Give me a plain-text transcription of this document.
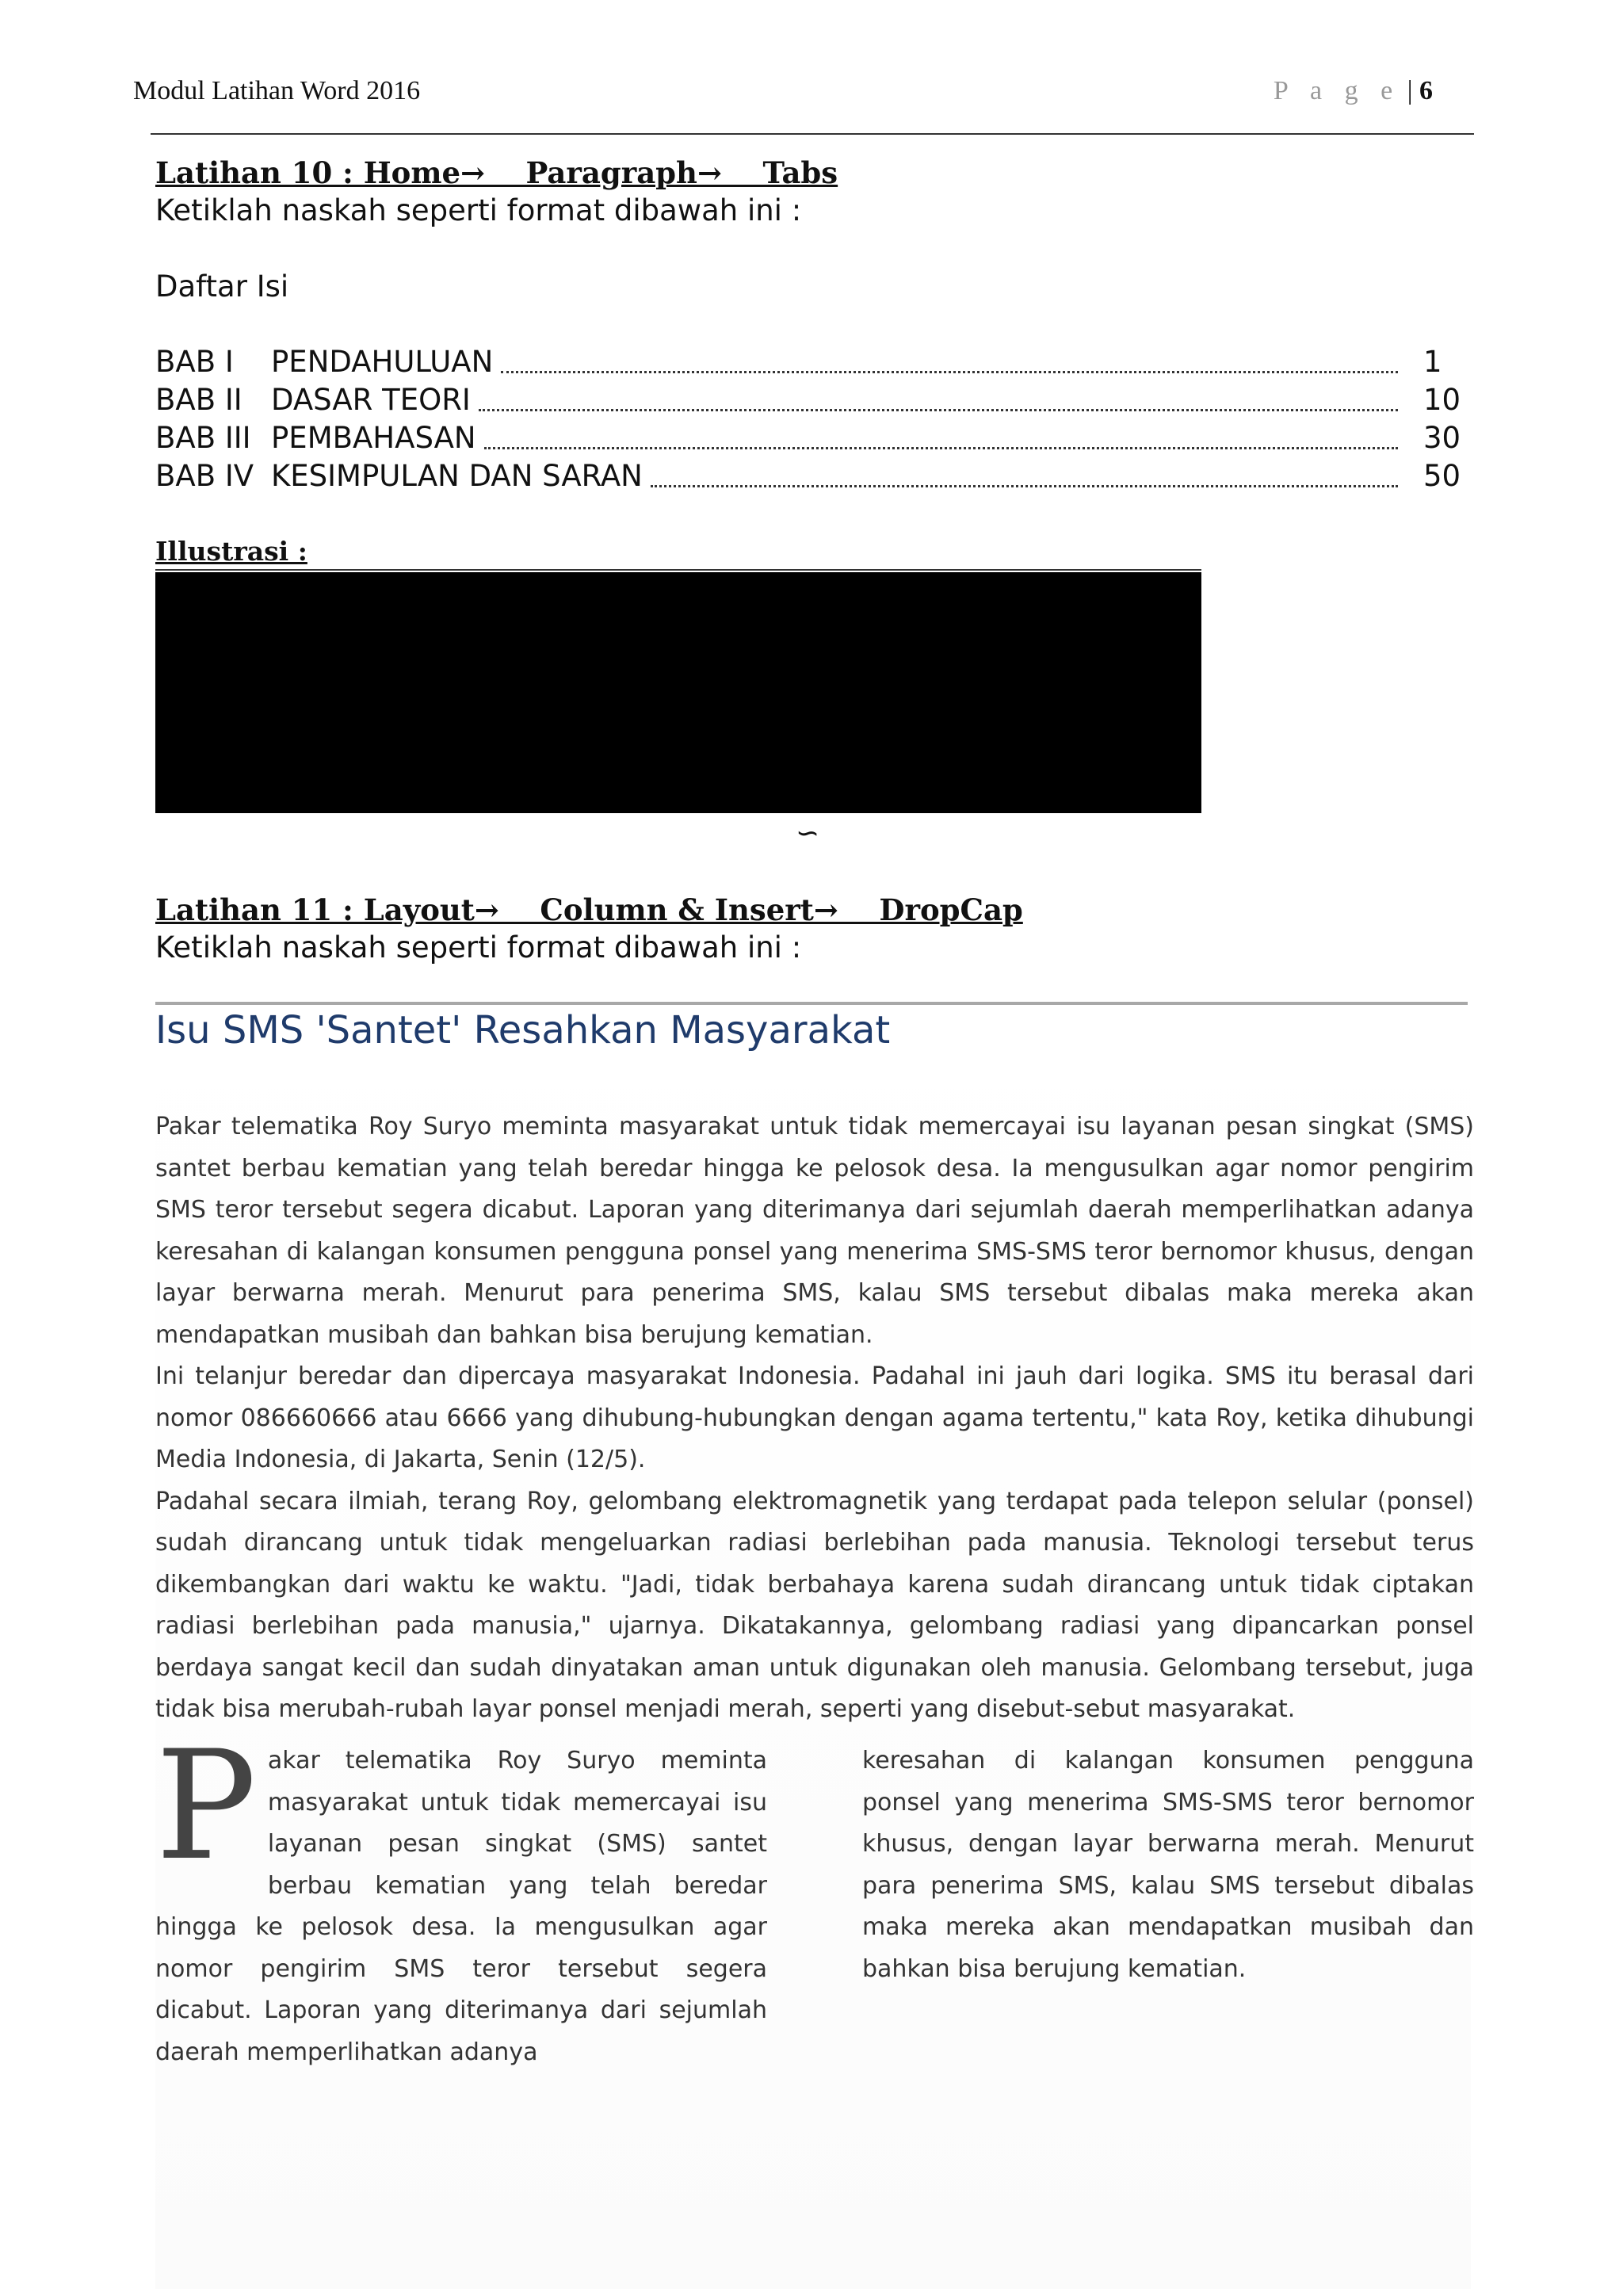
Modul Latihan Word 2016	P a g e | 6
Latihan 10 : Home→    Paragraph→    Tabs
Ketiklah naskah seperti format dibawah ini :
Daftar Isi
BAB I	PENDAHULUAN	1
BAB II DASAR TEORI	10
BAB III PEMBAHASAN	30
BAB IV KESIMPULAN DAN SARAN	50
Illustrasi :
∽
Latihan 11 : Layout→    Column & Insert→    DropCap
Ketiklah naskah seperti format dibawah ini :
Isu SMS 'Santet' Resahkan Masyarakat

Pakar telematika Roy Suryo meminta masyarakat untuk tidak memercayai isu layanan pesan singkat (SMS) santet berbau kematian yang telah beredar hingga ke pelosok desa. Ia mengusulkan agar nomor pengirim SMS teror tersebut segera dicabut. Laporan yang diterimanya dari sejumlah daerah memperlihatkan adanya keresahan di kalangan konsumen pengguna ponsel yang menerima SMS-SMS teror bernomor khusus, dengan layar berwarna merah. Menurut para penerima SMS, kalau SMS tersebut dibalas maka mereka akan mendapatkan musibah dan bahkan bisa berujung kematian.

Ini telanjur beredar dan dipercaya masyarakat Indonesia. Padahal ini jauh dari logika. SMS itu berasal dari nomor 086660666 atau 6666 yang dihubung-hubungkan dengan agama tertentu," kata Roy, ketika dihubungi Media Indonesia, di Jakarta, Senin (12/5).

Padahal secara ilmiah, terang Roy, gelombang elektromagnetik yang terdapat pada telepon selular (ponsel) sudah dirancang untuk tidak mengeluarkan radiasi berlebihan pada manusia. Teknologi tersebut terus dikembangkan dari waktu ke waktu. "Jadi, tidak berbahaya karena sudah dirancang untuk tidak ciptakan radiasi berlebihan pada manusia," ujarnya. Dikatakannya, gelombang radiasi yang dipancarkan ponsel berdaya sangat kecil dan sudah dinyatakan aman untuk digunakan oleh manusia. Gelombang tersebut, juga tidak bisa merubah-rubah layar ponsel menjadi merah, seperti yang disebut-sebut masyarakat.

P akar telematika Roy Suryo meminta masyarakat untuk tidak memercayai isu layanan pesan singkat (SMS) santet berbau kematian yang telah beredar hingga ke pelosok desa. Ia mengusulkan agar nomor pengirim SMS teror tersebut segera dicabut. Laporan yang diterimanya dari sejumlah daerah memperlihatkan adanya
keresahan di kalangan konsumen pengguna ponsel yang menerima SMS-SMS teror bernomor khusus, dengan layar berwarna merah. Menurut para penerima SMS, kalau SMS tersebut dibalas maka mereka akan mendapatkan musibah dan bahkan bisa berujung kematian.
